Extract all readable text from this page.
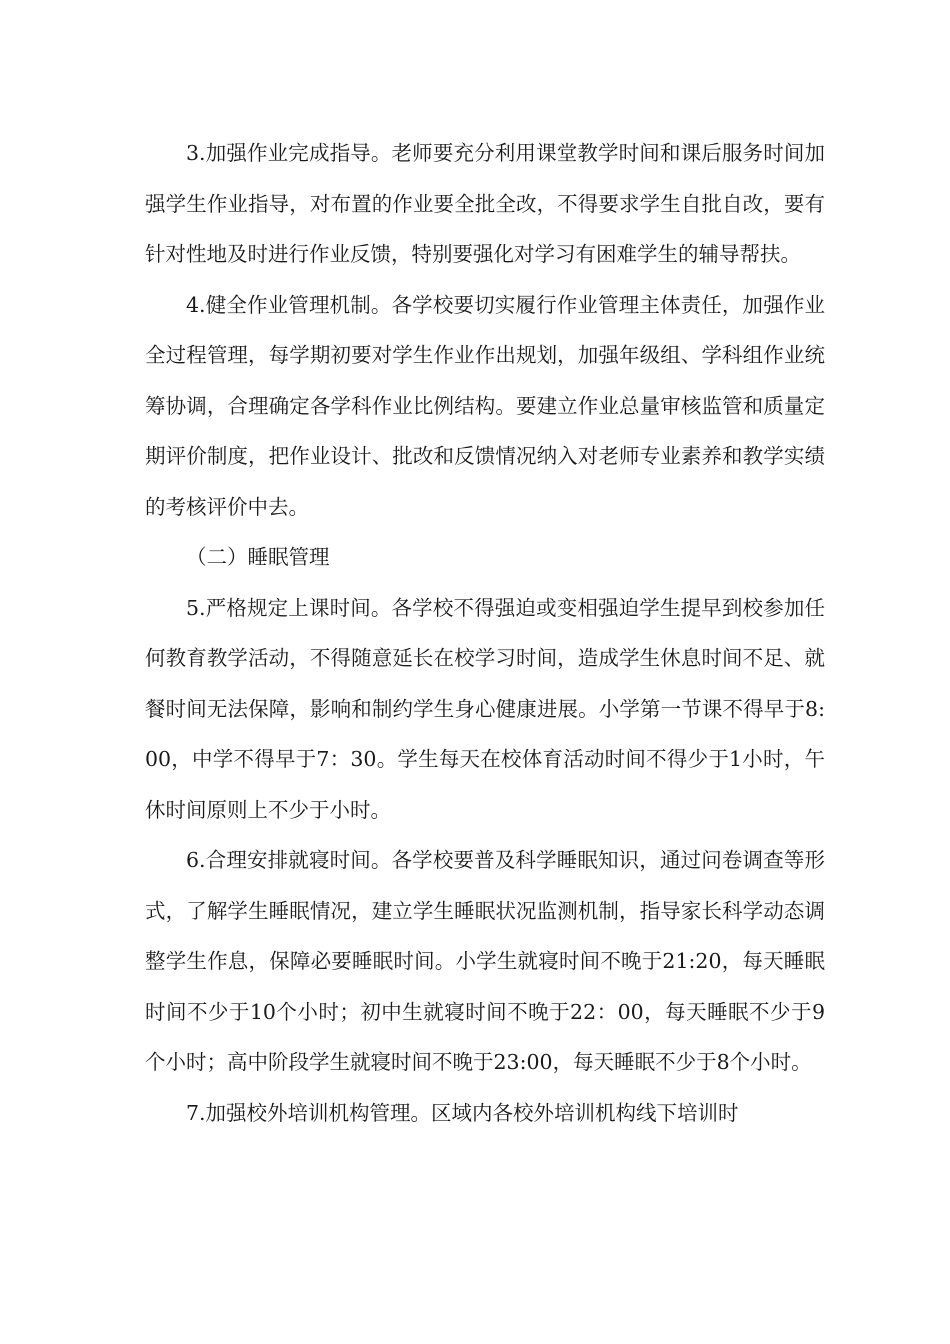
3.加强作业完成指导。老师要充分利用课堂教学时间和课后服务时间加强学生作业指导，对布置的作业要全批全改，不得要求学生自批自改，要有针对性地及时进行作业反馈，特别要强化对学习有困难学生的辅导帮扶。

4.健全作业管理机制。各学校要切实履行作业管理主体责任，加强作业全过程管理，每学期初要对学生作业作出规划，加强年级组、学科组作业统筹协调，合理确定各学科作业比例结构。要建立作业总量审核监管和质量定期评价制度，把作业设计、批改和反馈情况纳入对老师专业素养和教学实绩的考核评价中去。

（二）睡眠管理

5.严格规定上课时间。各学校不得强迫或变相强迫学生提早到校参加任何教育教学活动，不得随意延长在校学习时间，造成学生休息时间不足、就餐时间无法保障，影响和制约学生身心健康进展。小学第一节课不得早于8:00，中学不得早于7：30。学生每天在校体育活动时间不得少于1小时，午休时间原则上不少于小时。

6.合理安排就寝时间。各学校要普及科学睡眠知识，通过问卷调查等形式，了解学生睡眠情况，建立学生睡眠状况监测机制，指导家长科学动态调整学生作息，保障必要睡眠时间。小学生就寝时间不晚于21:20，每天睡眠时间不少于10个小时；初中生就寝时间不晚于22：00，每天睡眠不少于9个小时；高中阶段学生就寝时间不晚于23:00，每天睡眠不少于8个小时。

7.加强校外培训机构管理。区域内各校外培训机构线下培训时
